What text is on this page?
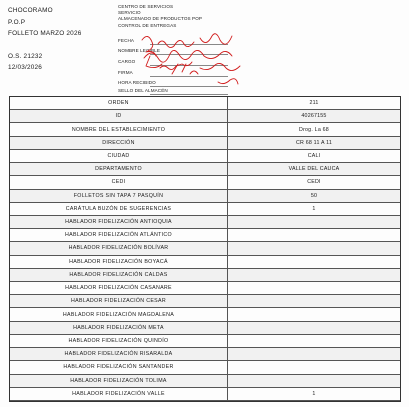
CHOCORAMO
P.O.P
FOLLETO MARZO 2026
O.S. 21232
12/03/2026
CENTRO DE SERVICIOS
SERVICIO
ALMACENADO DE PRODUCTOS POP
CONTROL DE ENTREGAS
FECHA
NOMBRE LEGIBLE
CARGO
FIRMA
HORA RECIBIDO
SELLO DEL ALMACÉN
ORDEN	211
ID	40267155
NOMBRE DEL ESTABLECIMIENTO	Drog. La 68
DIRECCIÓN	CR 68 11 A 11
CIUDAD	CALI
DEPARTAMENTO	VALLE DEL CAUCA
CEDI	CEDI
FOLLETOS SIN TAPA 7 PASQUÍN	50
CARÁTULA BUZÓN DE SUGERENCIAS	1
HABLADOR FIDELIZACIÓN ANTIOQUIA
HABLADOR FIDELIZACIÓN ATLÁNTICO
HABLADOR FIDELIZACIÓN BOLÍVAR
HABLADOR FIDELIZACIÓN BOYACÁ
HABLADOR FIDELIZACIÓN CALDAS
HABLADOR FIDELIZACIÓN CASANARE
HABLADOR FIDELIZACIÓN CESAR
HABLADOR FIDELIZACIÓN MAGDALENA
HABLADOR FIDELIZACIÓN META
HABLADOR FIDELIZACIÓN QUINDÍO
HABLADOR FIDELIZACIÓN RISARALDA
HABLADOR FIDELIZACIÓN SANTANDER
HABLADOR FIDELIZACIÓN TOLIMA
HABLADOR FIDELIZACIÓN VALLE	1
